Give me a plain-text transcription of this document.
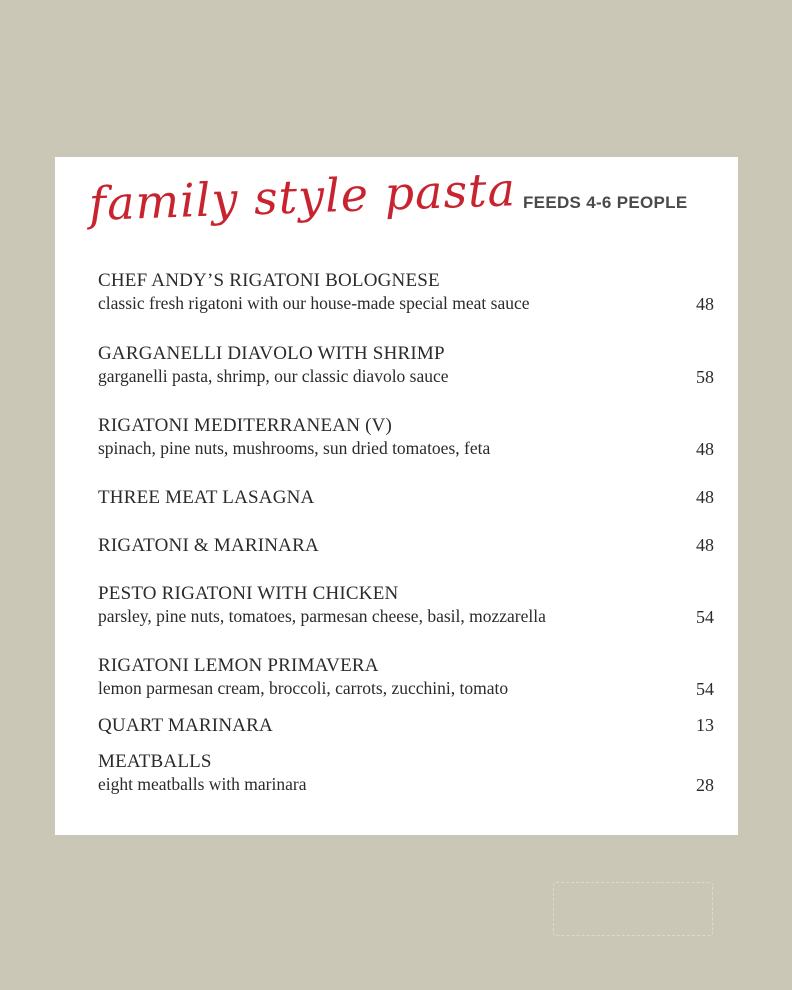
family style pasta FEEDS 4-6 PEOPLE
CHEF ANDY’S RIGATONI BOLOGNESE
classic fresh rigatoni with our house-made special meat sauce	48
GARGANELLI DIAVOLO WITH SHRIMP
garganelli pasta, shrimp, our classic diavolo sauce	58
RIGATONI MEDITERRANEAN (V)
spinach, pine nuts, mushrooms, sun dried tomatoes, feta	48
THREE MEAT LASAGNA	48
RIGATONI & MARINARA	48
PESTO RIGATONI WITH CHICKEN
parsley, pine nuts, tomatoes, parmesan cheese, basil, mozzarella	54
RIGATONI LEMON PRIMAVERA
lemon parmesan cream, broccoli, carrots, zucchini, tomato	54
QUART MARINARA	13
MEATBALLS
eight meatballs with marinara	28
